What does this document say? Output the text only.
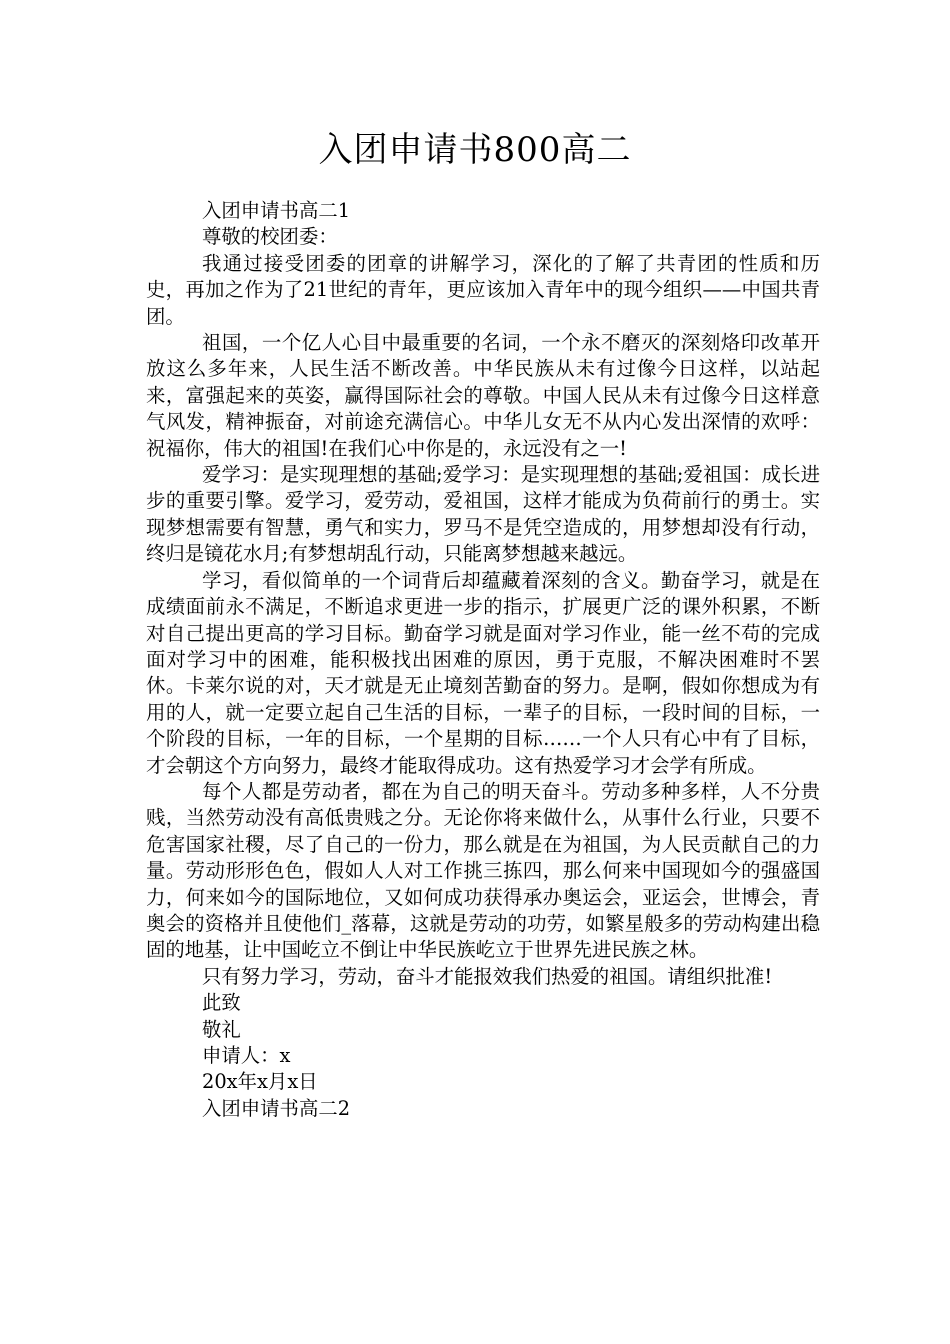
入团申请书800高二

入团申请书高二1

尊敬的校团委：

我通过接受团委的团章的讲解学习，深化的了解了共青团的性质和历史，再加之作为了21世纪的青年，更应该加入青年中的现今组织——中国共青团。

祖国，一个亿人心目中最重要的名词，一个永不磨灭的深刻烙印改革开放这么多年来，人民生活不断改善。中华民族从未有过像今日这样，以站起来，富强起来的英姿，赢得国际社会的尊敬。中国人民从未有过像今日这样意气风发，精神振奋，对前途充满信心。中华儿女无不从内心发出深情的欢呼：祝福你，伟大的祖国!在我们心中你是的，永远没有之一!

爱学习：是实现理想的基础;爱学习：是实现理想的基础;爱祖国：成长进步的重要引擎。爱学习，爱劳动，爱祖国，这样才能成为负荷前行的勇士。实现梦想需要有智慧，勇气和实力，罗马不是凭空造成的，用梦想却没有行动，终归是镜花水月;有梦想胡乱行动，只能离梦想越来越远。

学习，看似简单的一个词背后却蕴藏着深刻的含义。勤奋学习，就是在成绩面前永不满足，不断追求更进一步的指示，扩展更广泛的课外积累，不断对自己提出更高的学习目标。勤奋学习就是面对学习作业，能一丝不苟的完成面对学习中的困难，能积极找出困难的原因，勇于克服，不解决困难时不罢休。卡莱尔说的对，天才就是无止境刻苦勤奋的努力。是啊，假如你想成为有用的人，就一定要立起自己生活的目标，一辈子的目标，一段时间的目标，一个阶段的目标，一年的目标，一个星期的目标……一个人只有心中有了目标，才会朝这个方向努力，最终才能取得成功。这有热爱学习才会学有所成。

每个人都是劳动者，都在为自己的明天奋斗。劳动多种多样，人不分贵贱，当然劳动没有高低贵贱之分。无论你将来做什么，从事什么行业，只要不危害国家社稷，尽了自己的一份力，那么就是在为祖国，为人民贡献自己的力量。劳动形形色色，假如人人对工作挑三拣四，那么何来中国现如今的强盛国力，何来如今的国际地位，又如何成功获得承办奥运会，亚运会，世博会，青奥会的资格并且使他们_落幕，这就是劳动的功劳，如繁星般多的劳动构建出稳固的地基，让中国屹立不倒让中华民族屹立于世界先进民族之林。

只有努力学习，劳动，奋斗才能报效我们热爱的祖国。请组织批准!

此致

敬礼

申请人：x

20x年x月x日

入团申请书高二2
